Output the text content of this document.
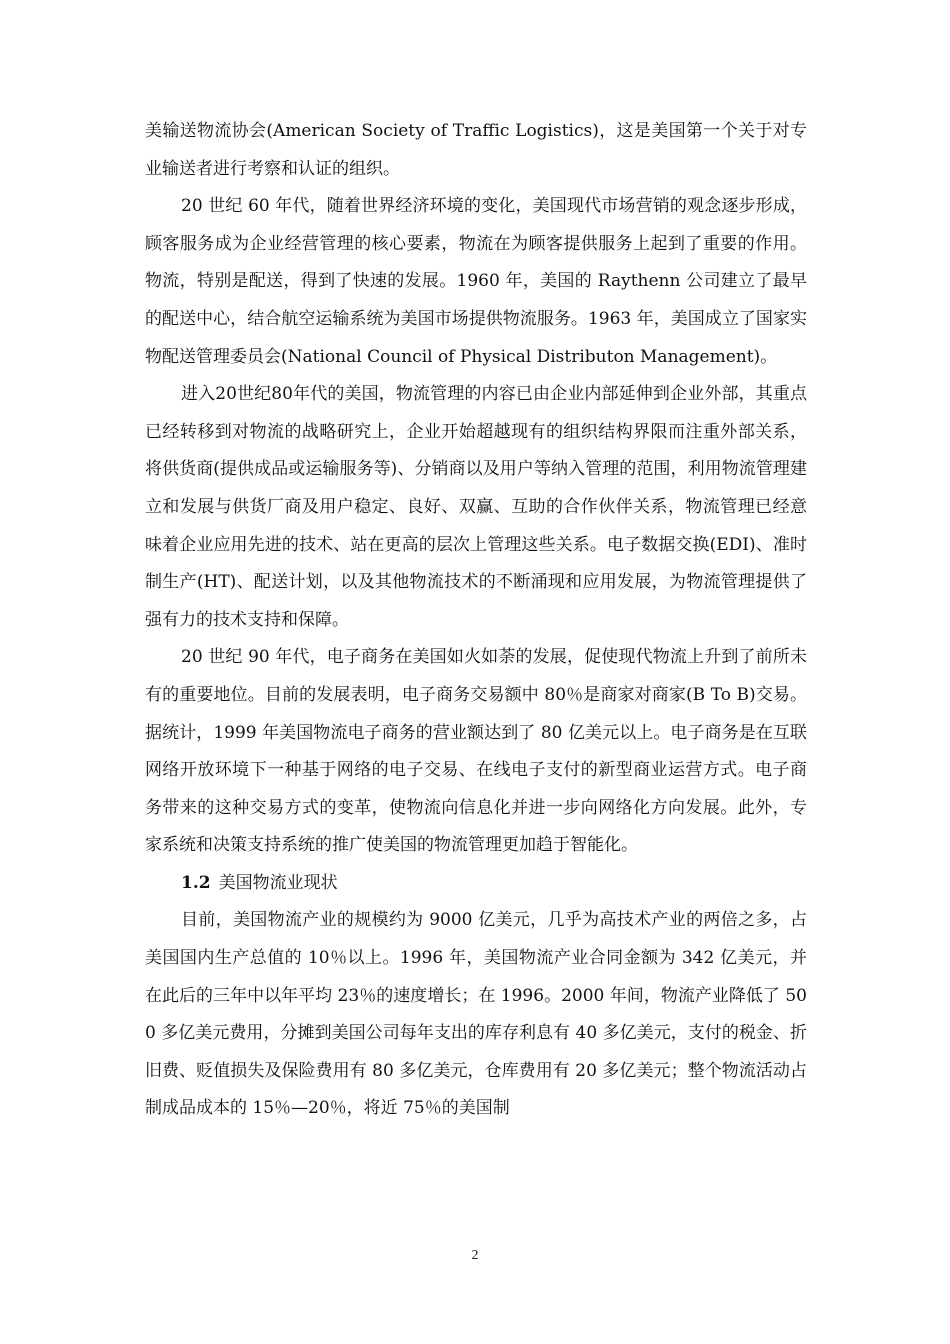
美输送物流协会(American Society of Traffic Logistics)，这是美国第一个关于对专业输送者进行考察和认证的组织。

20 世纪 60 年代，随着世界经济环境的变化，美国现代市场营销的观念逐步形成，顾客服务成为企业经营管理的核心要素，物流在为顾客提供服务上起到了重要的作用。物流，特别是配送，得到了快速的发展。1960 年，美国的 Raythenn 公司建立了最早的配送中心，结合航空运输系统为美国市场提供物流服务。1963 年，美国成立了国家实物配送管理委员会(National Council of Physical Distributon Management)。

进入20世纪80年代的美国，物流管理的内容已由企业内部延伸到企业外部，其重点已经转移到对物流的战略研究上，企业开始超越现有的组织结构界限而注重外部关系，将供货商(提供成品或运输服务等)、分销商以及用户等纳入管理的范围，利用物流管理建立和发展与供货厂商及用户稳定、良好、双赢、互助的合作伙伴关系，物流管理已经意味着企业应用先进的技术、站在更高的层次上管理这些关系。电子数据交换(EDI)、准时制生产(HT)、配送计划，以及其他物流技术的不断涌现和应用发展，为物流管理提供了强有力的技术支持和保障。

20 世纪 90 年代，电子商务在美国如火如荼的发展，促使现代物流上升到了前所未有的重要地位。目前的发展表明，电子商务交易额中 80％是商家对商家(B To B)交易。据统计，1999 年美国物流电子商务的营业额达到了 80 亿美元以上。电子商务是在互联网络开放环境下一种基于网络的电子交易、在线电子支付的新型商业运营方式。电子商务带来的这种交易方式的变革，使物流向信息化并进一步向网络化方向发展。此外，专家系统和决策支持系统的推广使美国的物流管理更加趋于智能化。

1.2 美国物流业现状

目前，美国物流产业的规模约为 9000 亿美元，几乎为高技术产业的两倍之多，占美国国内生产总值的 10％以上。1996 年，美国物流产业合同金额为 342 亿美元，并在此后的三年中以年平均 23％的速度增长；在 1996。2000 年间，物流产业降低了 500 多亿美元费用，分摊到美国公司每年支出的库存利息有 40 多亿美元，支付的税金、折旧费、贬值损失及保险费用有 80 多亿美元，仓库费用有 20 多亿美元；整个物流活动占制成品成本的 15％—20％，将近 75％的美国制

2
